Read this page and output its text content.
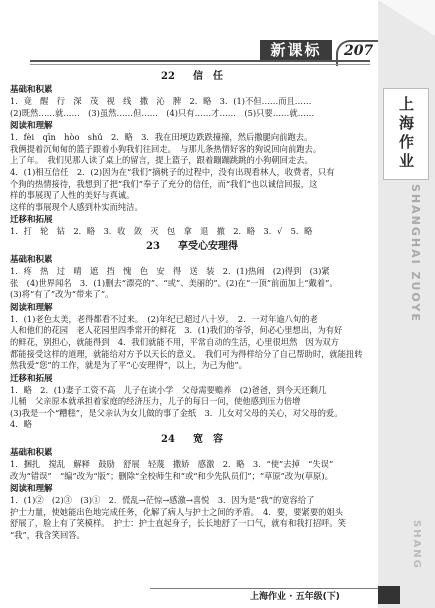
新课标	207
上海作业
SHANGHAI ZUOYE
SHANG
22 信　任
基础和积累
1．竟　醒　行　深　茂　视　线　撒　沁　脾　2．略　3．(1)不但……而且……
(2)既然……就……　(3)虽然……但……　(4)只有……才……　(5)只要……就……
阅读和理解
1．fèi　qīn　hòo　shǔ　2．略　3．我在田埂边跌跌撞撞，然后撒腿向前跑去。
我俩提着沉甸甸的篮子跟着小狗我们往回走。　与那儿条热情好客的狗说回向前跑去。
上了年。　我们见那人读了桌上的留言，提上篮子，跟着蹦蹦跳跳的小狗朝回走去。
4．(1)相互信任　2．(2)因为在“我们”摘桃子的过程中，没有出现看林人，收费者，只有
个狗的热情接待，我想到了把“我们”奉子了充分的信任，而“我们”也以诚信回报，这
样的事展现了人性的美好与真诚。
这样的事展现个人感到朴实而纯洁。
迁移和拓展
1．打　轮　钻　2．略　3．收　敛　灭　包　拿　退　撤　2．略　3．√　5．略
23 享受心安理得
基础和积累
1．疼　热　过　晴　遮　挡　愧　色　安　得　送　装　2．(1)热闹　(2)得到　(3)紧
张　(4)世界闻名　3．(1)删去“漂亮的”、“或”、美丽的”。(2)在“一顶”前面加上“戴着”。
(3)将“有了”改为“带来了”。
阅读和理解
1．(1)老色太美，老得都看不过来。　(2)年纪已超过八十岁。　2．一对年逾八旬的老
人和他们的花园　老人花园里四季常开的鲜花　3．(1)我们的爷爷，何必心里想出，为有好
的鲜花，别担心，就能得到　4．我们就能不用，平常自动的生活，心里很坦然　因为双方
都能接受这样的道理，就能给对方予以天长的意义。　我们可为得样给分了自己帮助时，就能扭转
然我爱“您”的工作，就是为了平“心安理得”，以上，为己为他”。
迁移和拓展
1．略　2．(1)妻子工资不高　儿子在读小学　父母需要赡养　(2)爸爸，到今天还剩几
儿桶　父亲原本就承担着家庭的经济压力，儿子的每日一问，使他感到压力倍增
(3)我是一个“糟糕”，是父亲认为女儿做的事了金纸　3．儿女对父母的关心，对父母的爱。
4．略
24 宽　容
基础和积累
1．捆扎　搅乱　解释　鼓励　舒展　轻蔑　撒娇　感激　2．略　3．“使”去掉　“失误”
改为“错误”　“编”改为“版”；删除“全校师生和”或“和少先队员们”；“草原”改为(草原)。
阅读和理解
1．(1)②　(2)③　(3)①　2．慌乱→茫惊→感激→喜悦　3．因为是“我”的宽容给了
护士力量，使她能出色地完成任务，化解了病人与护士之间的矛盾。　4．要，要紧要的姐头
舒展了，脸上有了笑模样。　护士：护士直起身子，长长地舒了一口气，就有和我打招呼。笑
“我”，我含笑回答。
上海作业 · 五年级(下)
